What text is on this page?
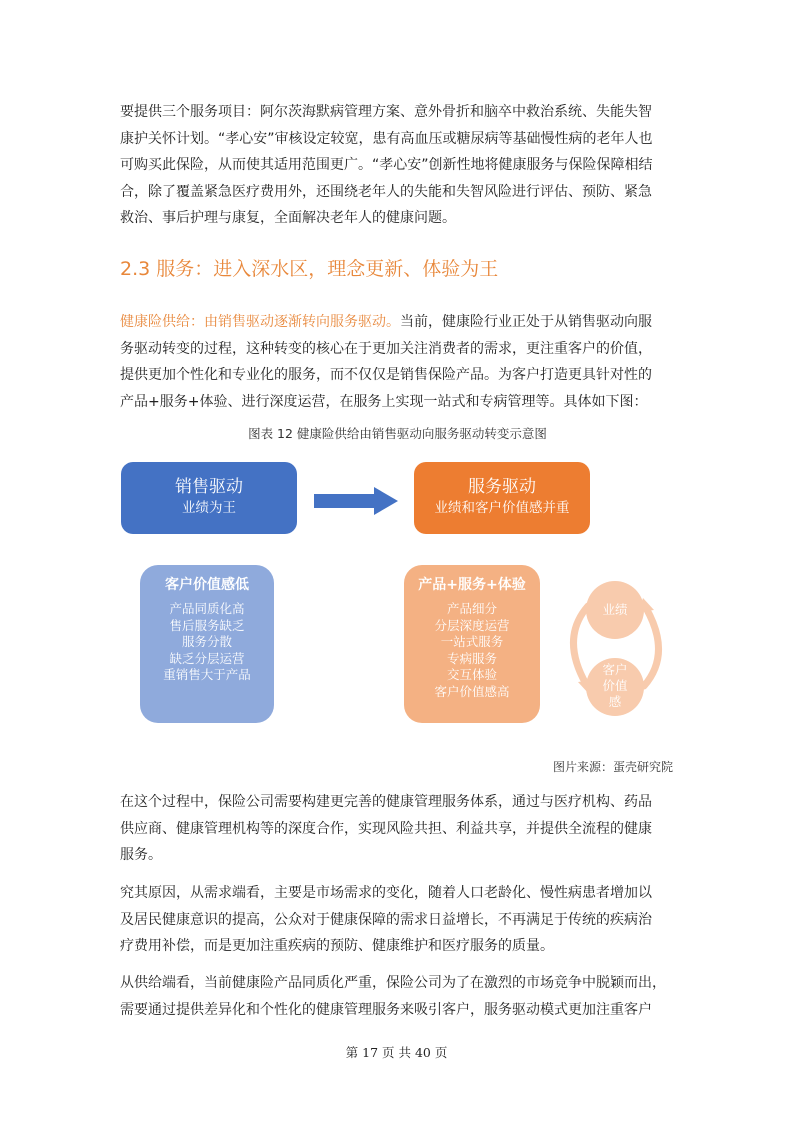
要提供三个服务项目：阿尔茨海默病管理方案、意外骨折和脑卒中救治系统、失能失智
康护关怀计划。“孝心安”审核设定较宽，患有高血压或糖尿病等基础慢性病的老年人也
可购买此保险，从而使其适用范围更广。“孝心安”创新性地将健康服务与保险保障相结
合，除了覆盖紧急医疗费用外，还围绕老年人的失能和失智风险进行评估、预防、紧急
救治、事后护理与康复，全面解决老年人的健康问题。

2.3 服务：进入深水区，理念更新、体验为王

健康险供给：由销售驱动逐渐转向服务驱动。当前，健康险行业正处于从销售驱动向服
务驱动转变的过程，这种转变的核心在于更加关注消费者的需求，更注重客户的价值，
提供更加个性化和专业化的服务，而不仅仅是销售保险产品。为客户打造更具针对性的
产品+服务+体验、进行深度运营，在服务上实现一站式和专病管理等。具体如下图：

图表 12 健康险供给由销售驱动向服务驱动转变示意图
销售驱动
业绩为王
服务驱动
业绩和客户价值感并重
客户价值感低
产品同质化高
售后服务缺乏
服务分散
缺乏分层运营
重销售大于产品
产品+服务+体验
产品细分
分层深度运营
一站式服务
专病服务
交互体验
客户价值感高
业绩
客户
价值
感
图片来源：蛋壳研究院

在这个过程中，保险公司需要构建更完善的健康管理服务体系，通过与医疗机构、药品
供应商、健康管理机构等的深度合作，实现风险共担、利益共享，并提供全流程的健康
服务。

究其原因，从需求端看，主要是市场需求的变化，随着人口老龄化、慢性病患者增加以
及居民健康意识的提高，公众对于健康保障的需求日益增长，不再满足于传统的疾病治
疗费用补偿，而是更加注重疾病的预防、健康维护和医疗服务的质量。

从供给端看，当前健康险产品同质化严重，保险公司为了在激烈的市场竞争中脱颖而出，
需要通过提供差异化和个性化的健康管理服务来吸引客户，服务驱动模式更加注重客户

第 17 页 共 40 页
